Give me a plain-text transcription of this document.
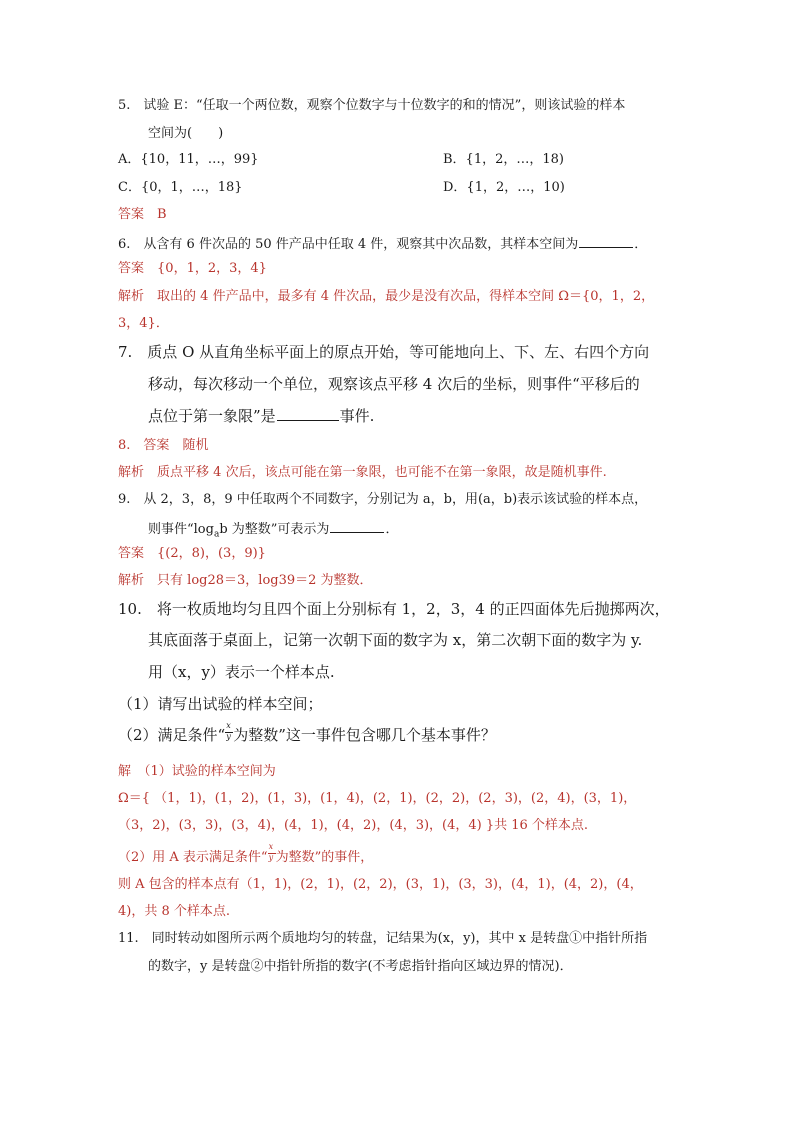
5.　试验 E：“任取一个两位数，观察个位数字与十位数字的和的情况”，则该试验的样本
空间为(　　)
A．{10，11，…，99}	B．{1，2，…，18)
C．{0，1，…，18}	D．{1，2，…，10)
答案　 B
6.　从含有 6 件次品的 50 件产品中任取 4 件，观察其中次品数，其样本空间为	．
答案　 {0，1，2，3，4}
解析　 取出的 4 件产品中，最多有 4 件次品，最少是没有次品，得样本空间 Ω＝{0，1，2，
3，4}．
7.　质点 O 从直角坐标平面上的原点开始，等可能地向上、下、左、右四个方向
移动，每次移动一个单位，观察该点平移 4 次后的坐标，则事件“平移后的
点位于第一象限”是	事件.
8.　 答案　 随机
解析　 质点平移 4 次后，该点可能在第一象限，也可能不在第一象限，故是随机事件.
9.　从 2，3，8，9 中任取两个不同数字，分别记为 a，b，用(a，b)表示该试验的样本点，
则事件“$\log_ab$ 为整数”可表示为	．
答案　 {(2，8)，(3，9)}
解析　 只有 log28＝3，log39＝2 为整数．
10.　将一枚质地均匀且四个面上分别标有 1，2，3，4 的正四面体先后抛掷两次，
其底面落于桌面上，记第一次朝下面的数字为 x，第二次朝下面的数字为 y.
用（x，y）表示一个样本点.
（1）请写出试验的样本空间；
（2）满足条件“ $\frac{x}{y}$ 为整数”这一事件包含哪几个基本事件？
解　 （1）试验的样本空间为
Ω＝{ （1，1)，(1，2)，(1，3)，(1，4)，(2，1)，(2，2)，(2，3)，(2，4)，(3，1)，
（3，2)，(3，3)，(3，4)，(4，1)，(4，2)，(4，3)，(4，4) }共 16 个样本点.
（2）用 A 表示满足条件“ $\frac{x}{y}$ 为整数”的事件，
则 A 包含的样本点有（1，1)，(2，1)，(2，2)，(3，1)，(3，3)，(4，1)，(4，2)，(4，
4)，共 8 个样本点.
11.　同时转动如图所示两个质地均匀的转盘，记结果为(x，y)，其中 x 是转盘①中指针所指
的数字，y 是转盘②中指针所指的数字(不考虑指针指向区域边界的情况)．
